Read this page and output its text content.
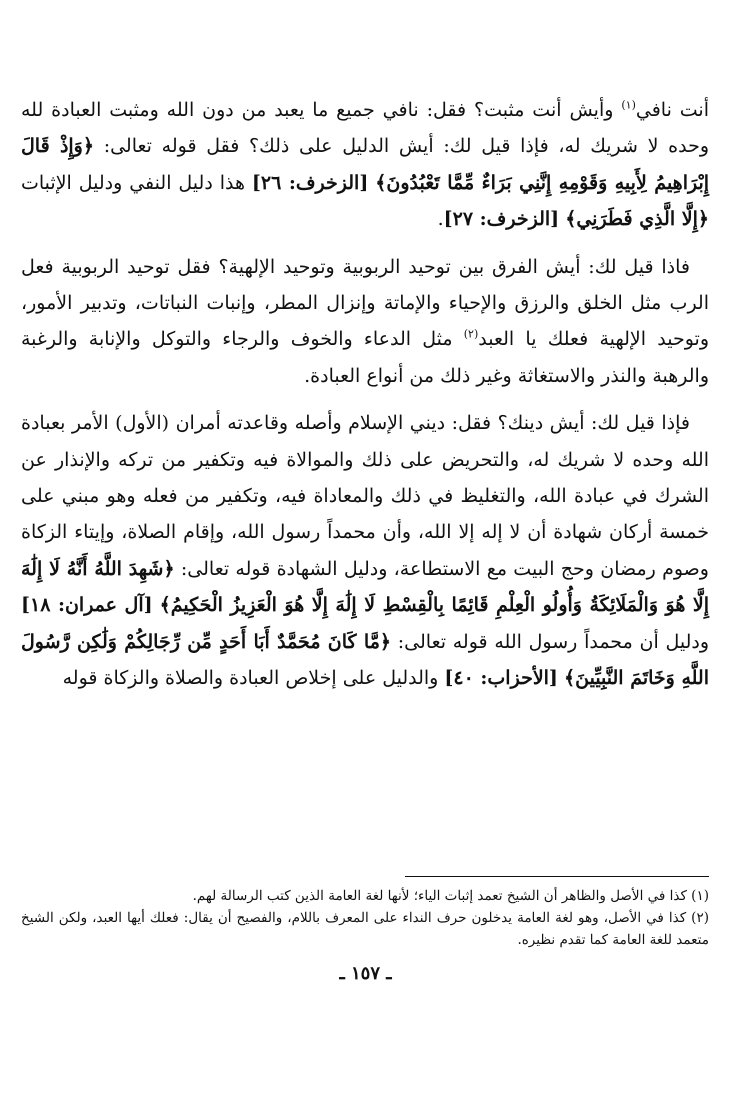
أنت نافي$^{(١)}$ وأيش أنت مثبت؟ فقل: نافي جميع ما يعبد من دون الله ومثبت العبادة لله وحده لا شريك له، فإذا قيل لك: أيش الدليل على ذلك؟ فقل قوله تعالى: ﴿وَإِذْ قَالَ إِبْرَاهِيمُ لِأَبِيهِ وَقَوْمِهِ إِنَّنِي بَرَاءٌ مِّمَّا تَعْبُدُونَ﴾ [الزخرف: ٢٦] هذا دليل النفي ودليل الإثبات ﴿إِلَّا الَّذِي فَطَرَنِي﴾ [الزخرف: ٢٧].

 فاذا قيل لك: أيش الفرق بين توحيد الربوبية وتوحيد الإلهية؟ فقل توحيد الربوبية فعل الرب مثل الخلق والرزق والإحياء والإماتة وإنزال المطر، وإنبات النباتات، وتدبير الأمور، وتوحيد الإلهية فعلك يا العبد$^{(٢)}$ مثل الدعاء والخوف والرجاء والتوكل والإنابة والرغبة والرهبة والنذر والاستغاثة وغير ذلك من أنواع العبادة.

 فإذا قيل لك: أيش دينك؟ فقل: ديني الإسلام وأصله وقاعدته أمران (الأول) الأمر بعبادة الله وحده لا شريك له، والتحريض على ذلك والموالاة فيه وتكفير من تركه والإنذار عن الشرك في عبادة الله، والتغليظ في ذلك والمعاداة فيه، وتكفير من فعله وهو مبني على خمسة أركان شهادة أن لا إله إلا الله، وأن محمداً رسول الله، وإقام الصلاة، وإيتاء الزكاة وصوم رمضان وحج البيت مع الاستطاعة، ودليل الشهادة قوله تعالى: ﴿شَهِدَ اللَّهُ أَنَّهُ لَا إِلَٰهَ إِلَّا هُوَ وَالْمَلَائِكَةُ وَأُولُو الْعِلْمِ قَائِمًا بِالْقِسْطِ لَا إِلَٰهَ إِلَّا هُوَ الْعَزِيزُ الْحَكِيمُ﴾ [آل عمران: ١٨] ودليل أن محمداً رسول الله قوله تعالى: ﴿مَّا كَانَ مُحَمَّدٌ أَبَا أَحَدٍ مِّن رِّجَالِكُمْ وَلَٰكِن رَّسُولَ اللَّهِ وَخَاتَمَ النَّبِيِّينَ﴾ [الأحزاب: ٤٠] والدليل على إخلاص العبادة والصلاة والزكاة قوله

(١) كذا في الأصل والظاهر أن الشيخ تعمد إثبات الياء؛ لأنها لغة العامة الذين كتب الرسالة لهم.

(٢) كذا في الأصل، وهو لغة العامة يدخلون حرف النداء على المعرف باللام، والفصيح أن يقال: فعلك أيها العبد، ولكن الشيخ متعمد للغة العامة كما تقدم نظيره.

ـ ١٥٧ ـ
